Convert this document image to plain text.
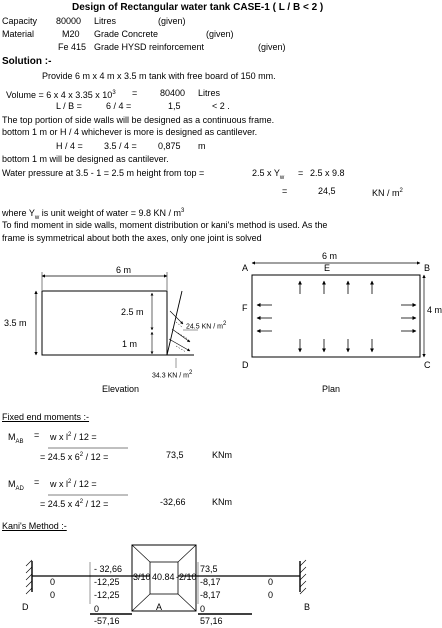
Design of Rectangular water tank CASE-1 ( L / B < 2 )
Capacity 80000 Litres	(given)
Material	M20 Grade Concrete	(given)
Fe 415 Grade HYSD reinforcement	(given)
Solution :-
Provide 6 m x 4 m x 3.5 m tank with free board of 150 mm.
Volume = 6 x 4 x 3.35 x $10^3$ =	80400 Litres
L / B =	6 / 4 =	1,5	< 2 .
The top portion of side walls will be designed as a continuous frame.
bottom 1 m or H / 4 whichever is more is designed as cantilever.
H / 4 = 3.5 / 4 = 0,875 m
bottom 1 m will be designed as cantilever.
Water pressure at 3.5 - 1 = 2.5 m height from top =	2.5 x $Y_w = 2.5$ x 9.8
=	24,5	KN / $m^2$
where $Y_w$ is unit weight of water = 9.8 KN / $m^3$
To find moment in side walls, moment distribution or kani's method is used. As the
frame is symmetrical about both the axes, only one joint is solved
6 m
3.5 m
2.5 m
1 m
24.5 KN / $m^2$
34.3 KN / $m^2$
Elevation
6 m
4 m
A	B
C
D
E
F
Plan
Fixed end moments :-
$M_{AB}$
= w x $l^2 / 12$ =
= 24.5 x $6^2 / 12$ =	73,5	KNm
$M_{AD}$
= w x $l^2 / 12$ =
= 24.5 x $4^2 / 12$ =	-32,66	KNm
Kani's Method :-
- 32,66
-12,25
-12,25
0
0
3/10 40.84 -2/10
73,5
-8,17
-8,17
0
0
0
-57,16
0
57,16
D	A	B
